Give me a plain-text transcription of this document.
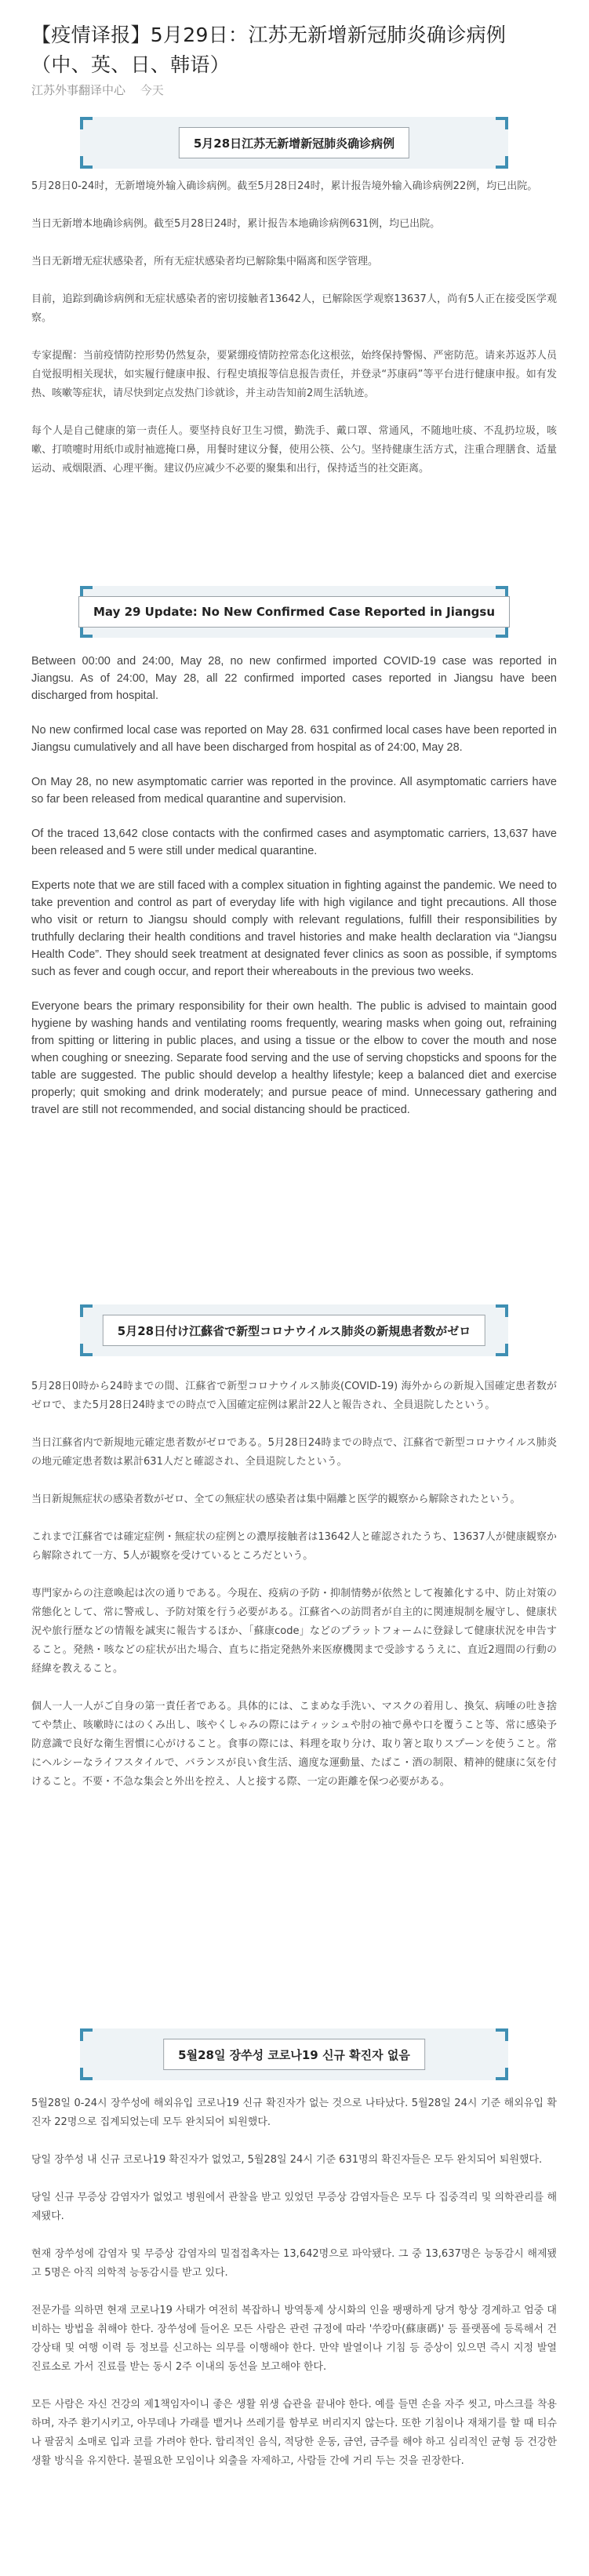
【疫情译报】5月29日：江苏无新增新冠肺炎确诊病例（中、英、日、韩语）
江苏外事翻译中心 今天
5月28日江苏无新增新冠肺炎确诊病例

5月28日0-24时，无新增境外输入确诊病例。截至5月28日24时，累计报告境外输入确诊病例22例，均已出院。

当日无新增本地确诊病例。截至5月28日24时，累计报告本地确诊病例631例，均已出院。

当日无新增无症状感染者，所有无症状感染者均已解除集中隔离和医学管理。

目前，追踪到确诊病例和无症状感染者的密切接触者13642人，已解除医学观察13637人，尚有5人正在接受医学观察。

专家提醒：当前疫情防控形势仍然复杂，要紧绷疫情防控常态化这根弦，始终保持警惕、严密防范。请来苏返苏人员自觉报明相关现状，如实履行健康申报、行程史填报等信息报告责任，并登录“苏康码”等平台进行健康申报。如有发热、咳嗽等症状，请尽快到定点发热门诊就诊，并主动告知前2周生活轨迹。

每个人是自己健康的第一责任人。要坚持良好卫生习惯，勤洗手、戴口罩、常通风，不随地吐痰、不乱扔垃圾，咳嗽、打喷嚏时用纸巾或肘袖遮掩口鼻，用餐时建议分餐，使用公筷、公勺。坚持健康生活方式，注重合理膳食、适量运动、戒烟限酒、心理平衡。建议仍应减少不必要的聚集和出行，保持适当的社交距离。

May 29 Update: No New Confirmed Case Reported in Jiangsu

Between 00:00 and 24:00, May 28, no new confirmed imported COVID-19 case was reported in Jiangsu. As of 24:00, May 28, all 22 confirmed imported cases reported in Jiangsu have been discharged from hospital.

No new confirmed local case was reported on May 28. 631 confirmed local cases have been reported in Jiangsu cumulatively and all have been discharged from hospital as of 24:00, May 28.

On May 28, no new asymptomatic carrier was reported in the province. All asymptomatic carriers have so far been released from medical quarantine and supervision.

Of the traced 13,642 close contacts with the confirmed cases and asymptomatic carriers, 13,637 have been released and 5 were still under medical quarantine.

Experts note that we are still faced with a complex situation in fighting against the pandemic. We need to take prevention and control as part of everyday life with high vigilance and tight precautions. All those who visit or return to Jiangsu should comply with relevant regulations, fulfill their responsibilities by truthfully declaring their health conditions and travel histories and make health declaration via “Jiangsu Health Code”. They should seek treatment at designated fever clinics as soon as possible, if symptoms such as fever and cough occur, and report their whereabouts in the previous two weeks.

Everyone bears the primary responsibility for their own health. The public is advised to maintain good hygiene by washing hands and ventilating rooms frequently, wearing masks when going out, refraining from spitting or littering in public places, and using a tissue or the elbow to cover the mouth and nose when coughing or sneezing. Separate food serving and the use of serving chopsticks and spoons for the table are suggested. The public should develop a healthy lifestyle; keep a balanced diet and exercise properly; quit smoking and drink moderately; and pursue peace of mind. Unnecessary gathering and travel are still not recommended, and social distancing should be practiced.

5月28日付け江蘇省で新型コロナウイルス肺炎の新規患者数がゼロ

5月28日0時から24時までの間、江蘇省で新型コロナウイルス肺炎(COVID-19) 海外からの新規入国確定患者数がゼロで、また5月28日24時までの時点で入国確定症例は累計22人と報告され、全員退院したという。

当日江蘇省内で新規地元確定患者数がゼロである。5月28日24時までの時点で、江蘇省で新型コロナウイルス肺炎の地元確定患者数は累計631人だと確認され、全員退院したという。

当日新規無症状の感染者数がゼロ、全ての無症状の感染者は集中隔離と医学的観察から解除されたという。

これまで江蘇省では確定症例・無症状の症例との濃厚接触者は13642人と確認されたうち、13637人が健康観察から解除されて一方、5人が観察を受けているところだという。

専門家からの注意喚起は次の通りである。今現在、疫病の予防・抑制情勢が依然として複雑化する中、防止対策の常態化として、常に警戒し、予防対策を行う必要がある。江蘇省への訪問者が自主的に関連規制を履守し、健康状況や旅行歴などの情報を誠実に報告するほか、「蘇康code」などのプラットフォームに登録して健康状況を申告すること。発熱・咳などの症状が出た場合、直ちに指定発熱外来医療機関まで受診するうえに、直近2週間の行動の経緯を教えること。

個人一人一人がご自身の第一責任者である。具体的には、こまめな手洗い、マスクの着用し、換気、病唾の吐き捨てや禁止、咳嗽時にはのくみ出し、咳やくしゃみの際にはティッシュや肘の袖で鼻や口を覆うこと等、常に感染予防意識で良好な衛生習慣に心がけること。食事の際には、料理を取り分け、取り箸と取りスプーンを使うこと。常にヘルシーなライフスタイルで、バランスが良い食生活、適度な運動量、たばこ・酒の制限、精神的健康に気を付けること。不要・不急な集会と外出を控え、人と接する際、一定の距離を保つ必要がある。

5월28일 장쑤성 코로나19 신규 확진자 없음

5월28일 0-24시 장쑤성에 해외유입 코로나19 신규 확진자가 없는 것으로 나타났다. 5월28일 24시 기준 해외유입 확진자 22명으로 집계되었는데 모두 완치되어 퇴원했다.

당일 장쑤성 내 신규 코로나19 확진자가 없었고, 5월28일 24시 기준 631명의 확진자들은 모두 완치되어 퇴원했다.

당일 신규 무증상 감염자가 없었고 병원에서 관찰을 받고 있었던 무증상 감염자들은 모두 다 집중격리 및 의학관리를 해제됐다.

현재 장쑤성에 감염자 및 무증상 감염자의 밀접접촉자는 13,642명으로 파악됐다. 그 중 13,637명은 능동감시 해제됐고 5명은 아직 의학적 능동감시를 받고 있다.

전문가를 의하면 현재 코로나19 사태가 여전히 복잡하니 방역통제 상시화의 인을 팽팽하게 당겨 항상 경계하고 엄중 대비하는 방법을 취해야 한다. 장쑤성에 들어온 모든 사람은 관련 규정에 따라 '쑤캉마(蘇康碼)' 등 플랫폼에 등록해서 건강상태 및 여행 이력 등 정보를 신고하는 의무를 이행해야 한다. 만약 발열이나 기침 등 증상이 있으면 즉시 지정 발열 진료소로 가서 진료를 받는 동시 2주 이내의 동선을 보고해야 한다.

모든 사람은 자신 건강의 제1책임자이니 좋은 생활 위생 습관을 끝내야 한다. 예를 들면 손을 자주 씻고, 마스크를 착용하며, 자주 환기시키고, 아무데나 가래를 뱉거나 쓰레기를 함부로 버리지지 않는다. 또한 기침이나 재채기를 할 때 티슈나 팔꿈치 소매로 입과 코를 가려야 한다. 합리적인 음식, 적당한 운동, 금연, 금주를 해야 하고 심리적인 균형 등 건강한 생활 방식을 유지한다. 불필요한 모임이나 외출을 자제하고, 사람들 간에 거리 두는 것을 권장한다.
